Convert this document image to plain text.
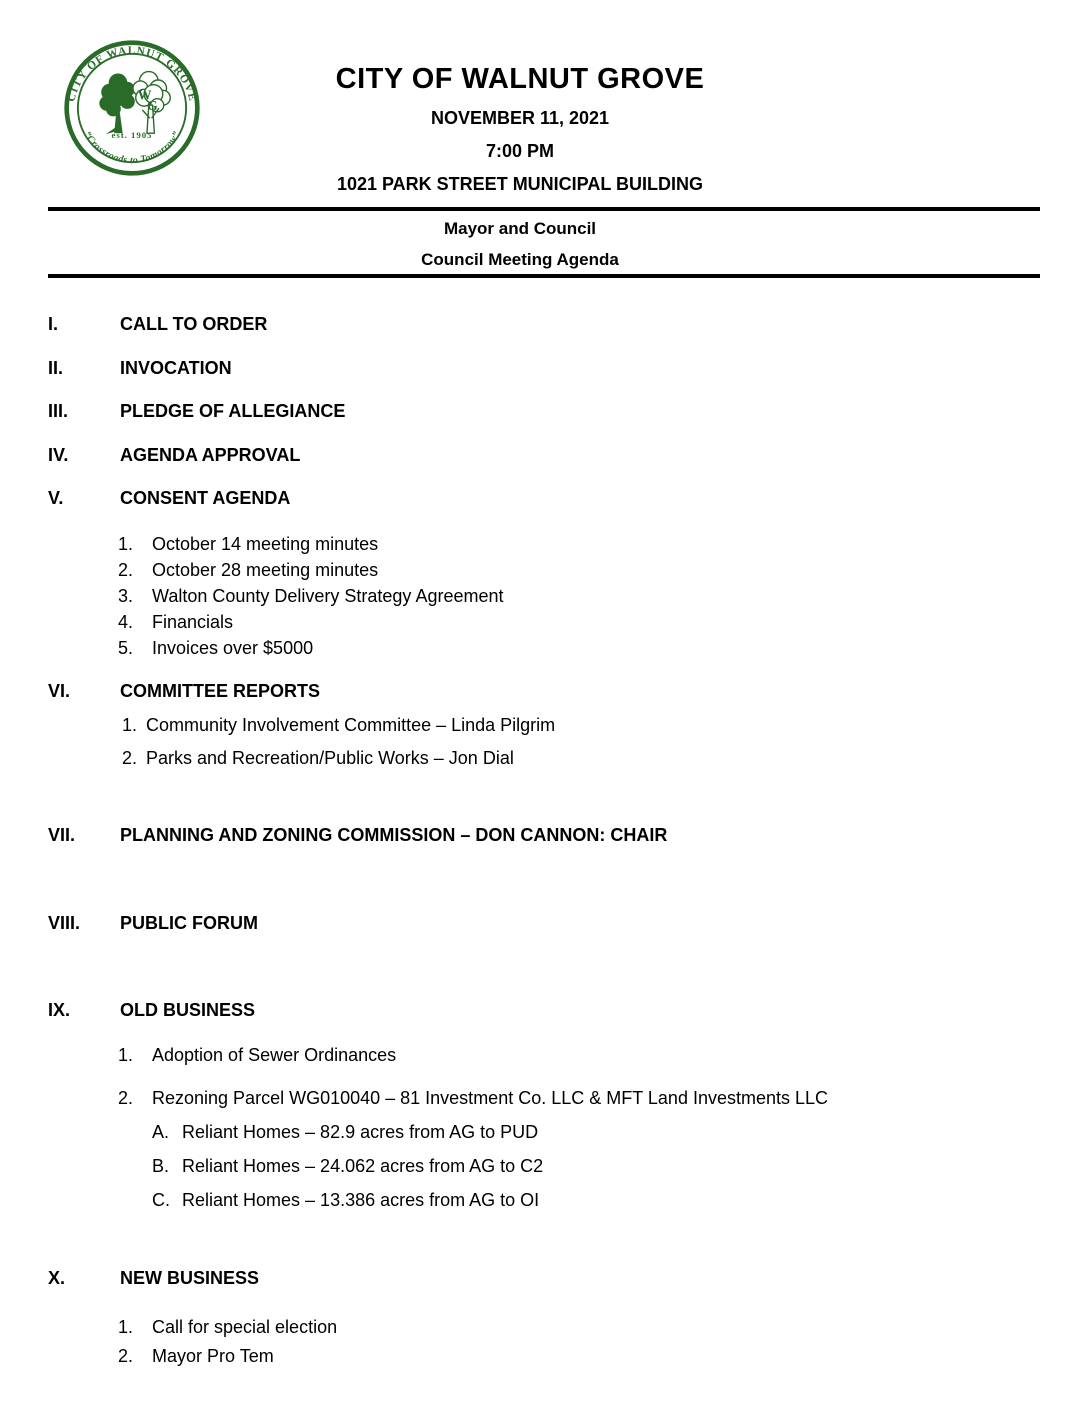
CITY OF WALNUT GROVE
W
G
est. 1905
“Crossroads to Tomorrow”
CITY OF WALNUT GROVE
NOVEMBER 11, 2021
7:00 PM
1021 PARK STREET MUNICIPAL BUILDING
Mayor and Council
Council Meeting Agenda
I.	CALL TO ORDER
II.	INVOCATION
III.	PLEDGE OF ALLEGIANCE
IV.	AGENDA APPROVAL
V.	CONSENT AGENDA
1.	October 14 meeting minutes
2.	October 28 meeting minutes
3.	Walton County Delivery Strategy Agreement
4.	Financials
5.	Invoices over $5000
VI.	COMMITTEE REPORTS
1. Community Involvement Committee – Linda Pilgrim
2. Parks and Recreation/Public Works – Jon Dial
VII.	PLANNING AND ZONING COMMISSION – DON CANNON: CHAIR
VIII.	PUBLIC FORUM
IX.	OLD BUSINESS
1.	Adoption of Sewer Ordinances
2.	Rezoning Parcel WG010040 – 81 Investment Co. LLC & MFT Land Investments LLC
A. Reliant Homes – 82.9 acres from AG to PUD
B. Reliant Homes – 24.062 acres from AG to C2
C. Reliant Homes – 13.386 acres from AG to OI
X.	NEW BUSINESS
1.	Call for special election
2.	Mayor Pro Tem
